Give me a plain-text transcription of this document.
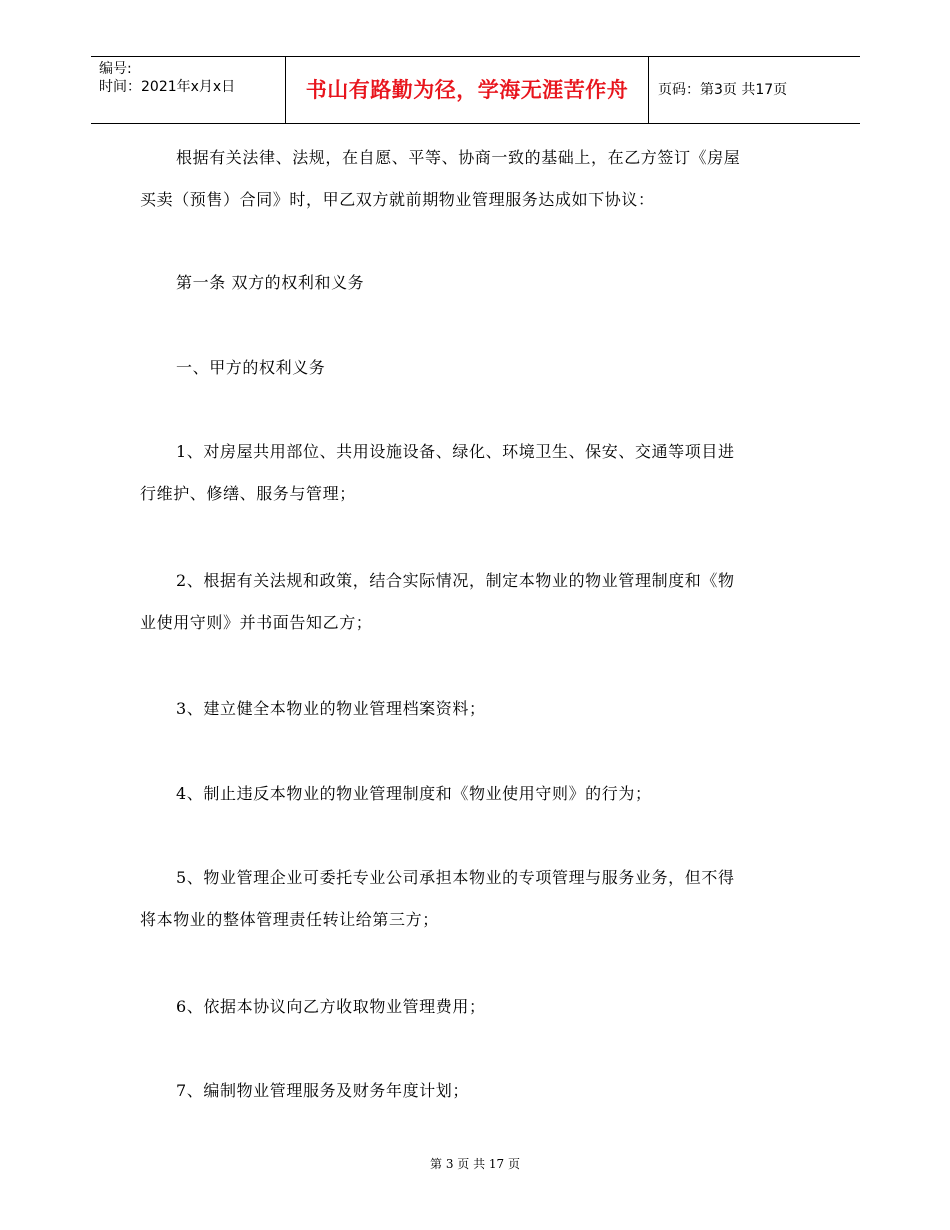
编号:
时间：2021年x月x日	书山有路勤为径，学海无涯苦作舟	页码：第3页 共17页

根据有关法律、法规，在自愿、平等、协商一致的基础上，在乙方签订《房屋

买卖（预售）合同》时，甲乙双方就前期物业管理服务达成如下协议：

第一条 双方的权利和义务

一、甲方的权利义务

1、对房屋共用部位、共用设施设备、绿化、环境卫生、保安、交通等项目进

行维护、修缮、服务与管理；

2、根据有关法规和政策，结合实际情况，制定本物业的物业管理制度和《物

业使用守则》并书面告知乙方；

3、建立健全本物业的物业管理档案资料；

4、制止违反本物业的物业管理制度和《物业使用守则》的行为；

5、物业管理企业可委托专业公司承担本物业的专项管理与服务业务，但不得

将本物业的整体管理责任转让给第三方；

6、依据本协议向乙方收取物业管理费用；

7、编制物业管理服务及财务年度计划；

第 3 页 共 17 页
